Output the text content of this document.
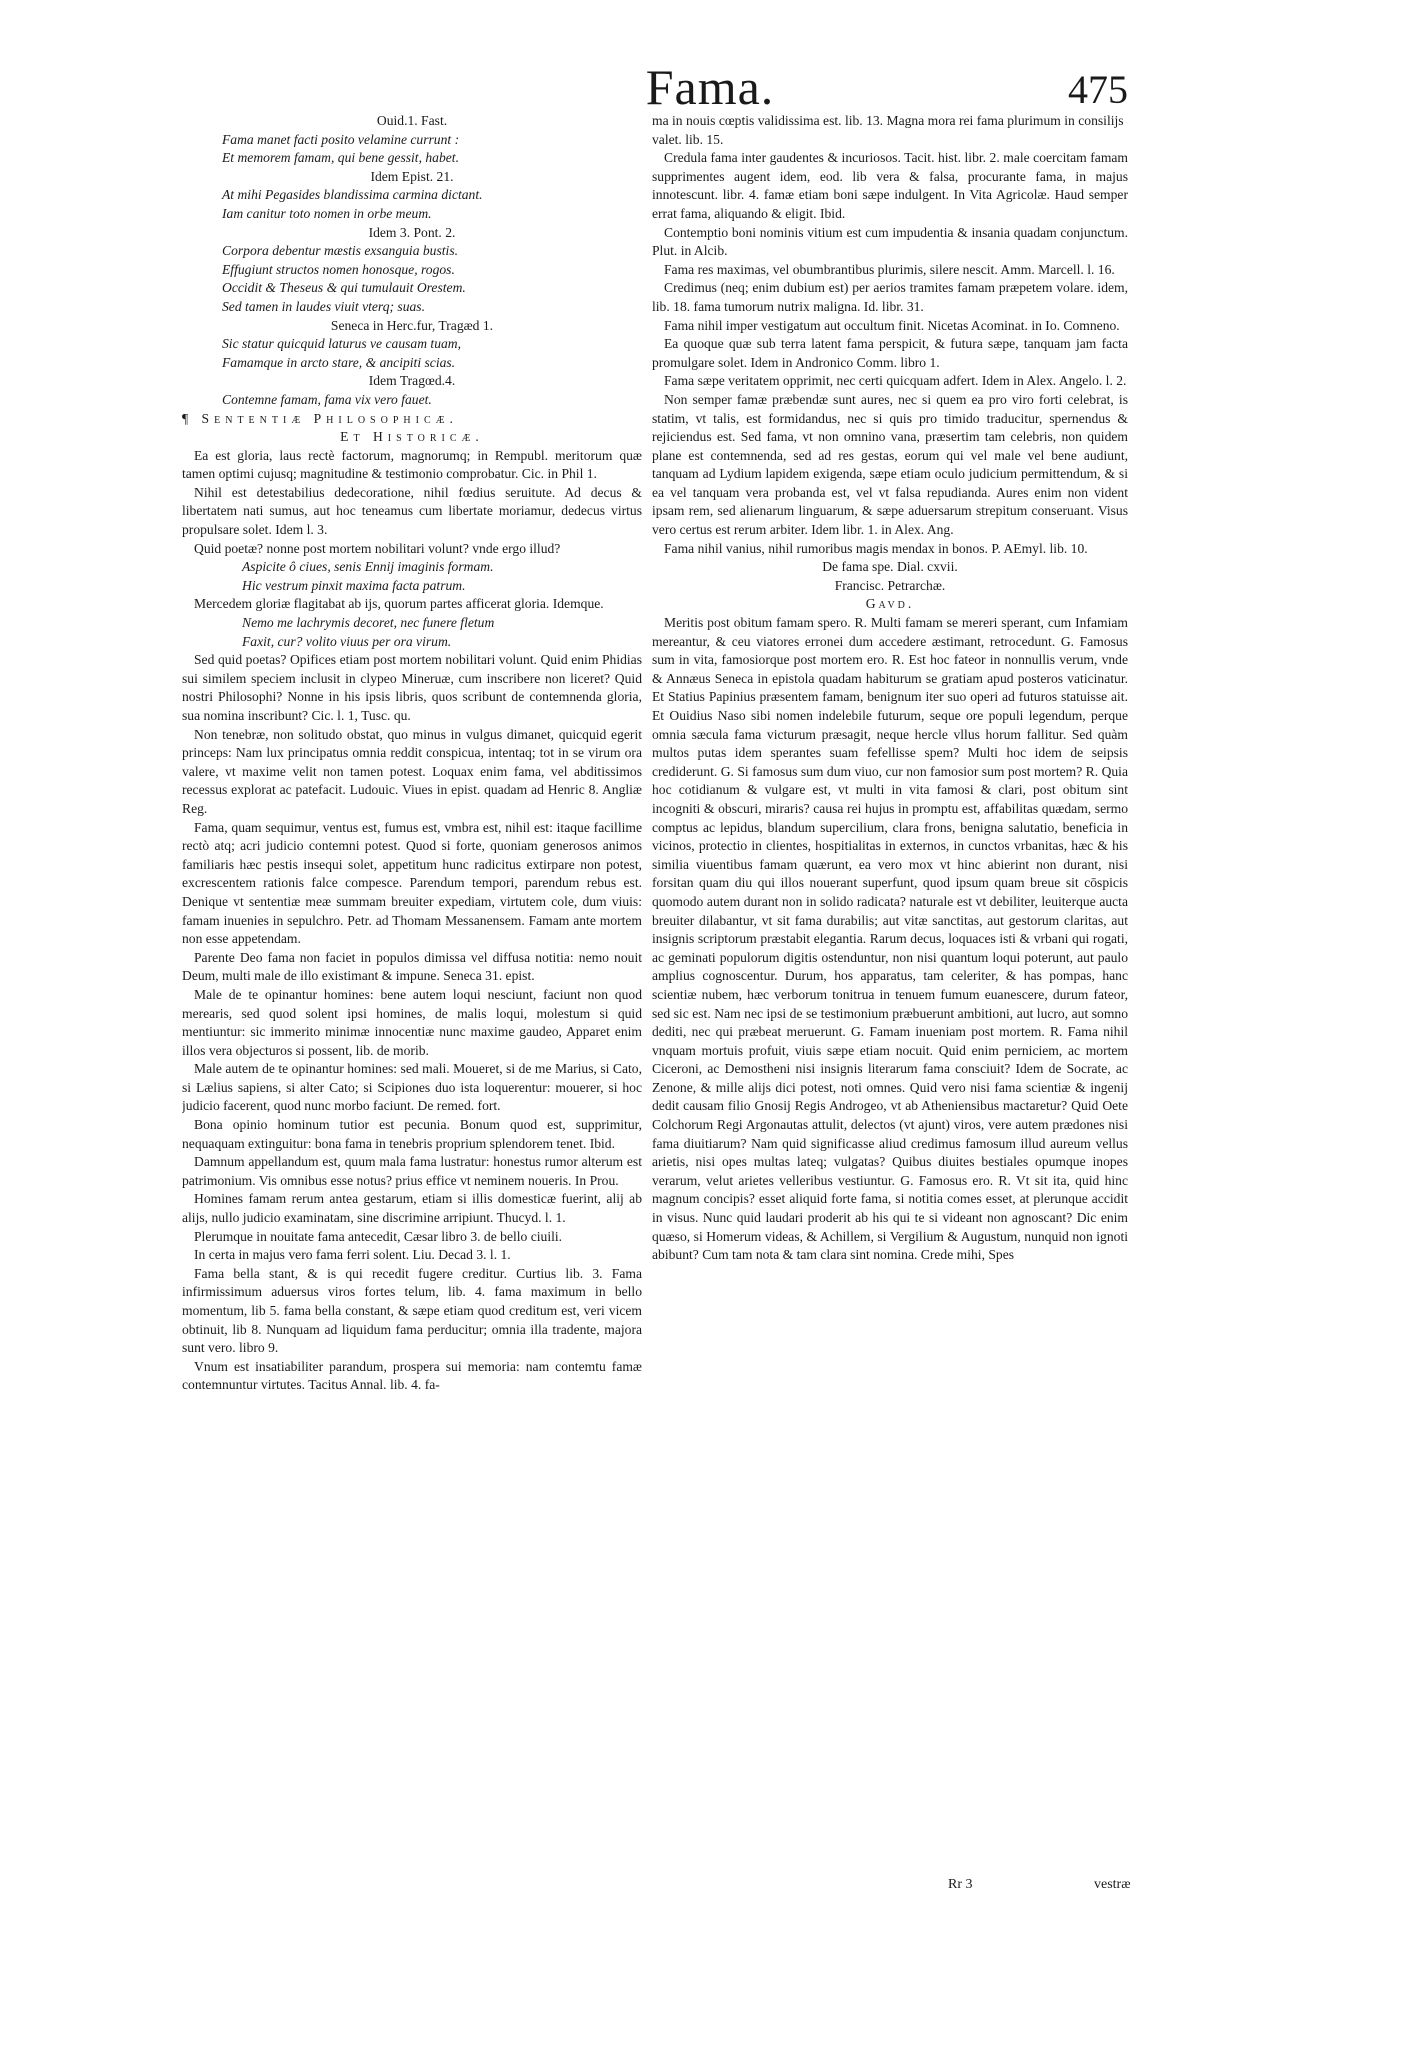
Fama.	475

Ouid.1. Fast.

Fama manet facti posito velamine currunt :

Et memorem famam, qui bene gessit, habet.

Idem Epist. 21.

At mihi Pegasides blandissima carmina dictant.

Iam canitur toto nomen in orbe meum.

Idem 3. Pont. 2.

Corpora debentur mæstis exsanguia bustis.

Effugiunt structos nomen honosque, rogos.

Occidit & Theseus & qui tumulauit Orestem.

Sed tamen in laudes viuit vterq; suas.

Seneca in Herc.fur, Tragæd 1.

Sic statur quicquid laturus ve causam tuam,

Famamque in arcto stare, & ancipiti scias.

Idem Tragœd.4.

Contemne famam, fama vix vero fauet.

¶ Sententiæ Philosophicæ.

Et Historicæ.

Ea est gloria, laus rectè factorum, magnorumq; in Rempubl. meritorum quæ tamen optimi cujusq; magnitudine & testimonio comprobatur. Cic. in Phil 1.

Nihil est detestabilius dedecoratione, nihil fœdius seruitute. Ad decus & libertatem nati sumus, aut hoc teneamus cum libertate moriamur, dedecus virtus propulsare solet. Idem l. 3.

Quid poetæ? nonne post mortem nobilitari volunt? vnde ergo illud?

Aspicite ô ciues, senis Ennij imaginis formam.

Hic vestrum pinxit maxima facta patrum.

Mercedem gloriæ flagitabat ab ijs, quorum partes afficerat gloria. Idemque.

Nemo me lachrymis decoret, nec funere fletum

Faxit, cur? volito viuus per ora virum.

Sed quid poetas? Opifices etiam post mortem nobilitari volunt. Quid enim Phidias sui similem speciem inclusit in clypeo Mineruæ, cum inscribere non liceret? Quid nostri Philosophi? Nonne in his ipsis libris, quos scribunt de contemnenda gloria, sua nomina inscribunt? Cic. l. 1, Tusc. qu.

Non tenebræ, non solitudo obstat, quo minus in vulgus dimanet, quicquid egerit princeps: Nam lux principatus omnia reddit conspicua, intentaq; tot in se virum ora valere, vt maxime velit non tamen potest. Loquax enim fama, vel abditissimos recessus explorat ac patefacit. Ludouic. Viues in epist. quadam ad Henric 8. Angliæ Reg.

Fama, quam sequimur, ventus est, fumus est, vmbra est, nihil est: itaque facillime rectò atq; acri judicio contemni potest. Quod si forte, quoniam generosos animos familiaris hæc pestis insequi solet, appetitum hunc radicitus extirpare non potest, excrescentem rationis falce compesce. Parendum tempori, parendum rebus est. Denique vt sententiæ meæ summam breuiter expediam, virtutem cole, dum viuis: famam inuenies in sepulchro. Petr. ad Thomam Messanensem. Famam ante mortem non esse appetendam.

Parente Deo fama non faciet in populos dimissa vel diffusa notitia: nemo nouit Deum, multi male de illo existimant & impune. Seneca 31. epist.

Male de te opinantur homines: bene autem loqui nesciunt, faciunt non quod merearis, sed quod solent ipsi homines, de malis loqui, molestum si quid mentiuntur: sic immerito minimæ innocentiæ nunc maxime gaudeo, Apparet enim illos vera objecturos si possent, lib. de morib.

Male autem de te opinantur homines: sed mali. Moueret, si de me Marius, si Cato, si Lælius sapiens, si alter Cato; si Scipiones duo ista loquerentur: mouerer, si hoc judicio facerent, quod nunc morbo faciunt. De remed. fort.

Bona opinio hominum tutior est pecunia. Bonum quod est, supprimitur, nequaquam extinguitur: bona fama in tenebris proprium splendorem tenet. Ibid.

Damnum appellandum est, quum mala fama lustratur: honestus rumor alterum est patrimonium. Vis omnibus esse notus? prius effice vt neminem noueris. In Prou.

Homines famam rerum antea gestarum, etiam si illis domesticæ fuerint, alij ab alijs, nullo judicio examinatam, sine discrimine arripiunt. Thucyd. l. 1.

Plerumque in nouitate fama antecedit, Cæsar libro 3. de bello ciuili.

In certa in majus vero fama ferri solent. Liu. Decad 3. l. 1.

Fama bella stant, & is qui recedit fugere creditur. Curtius lib. 3. Fama infirmissimum aduersus viros fortes telum, lib. 4. fama maximum in bello momentum, lib 5. fama bella constant, & sæpe etiam quod creditum est, veri vicem obtinuit, lib 8. Nunquam ad liquidum fama perducitur; omnia illa tradente, majora sunt vero. libro 9.

Vnum est insatiabiliter parandum, prospera sui memoria: nam contemtu famæ contemnuntur virtutes. Tacitus Annal. lib. 4. fa-

ma in nouis cœptis validissima est. lib. 13. Magna mora rei fama plurimum in consilijs valet. lib. 15.

Credula fama inter gaudentes & incuriosos. Tacit. hist. libr. 2. male coercitam famam supprimentes augent idem, eod. lib vera & falsa, procurante fama, in majus innotescunt. libr. 4. famæ etiam boni sæpe indulgent. In Vita Agricolæ. Haud semper errat fama, aliquando & eligit. Ibid.

Contemptio boni nominis vitium est cum impudentia & insania quadam conjunctum. Plut. in Alcib.

Fama res maximas, vel obumbrantibus plurimis, silere nescit. Amm. Marcell. l. 16.

Credimus (neq; enim dubium est) per aerios tramites famam præpetem volare. idem, lib. 18. fama tumorum nutrix maligna. Id. libr. 31.

Fama nihil imper vestigatum aut occultum finit. Nicetas Acominat. in Io. Comneno.

Ea quoque quæ sub terra latent fama perspicit, & futura sæpe, tanquam jam facta promulgare solet. Idem in Andronico Comm. libro 1.

Fama sæpe veritatem opprimit, nec certi quicquam adfert. Idem in Alex. Angelo. l. 2.

Non semper famæ præbendæ sunt aures, nec si quem ea pro viro forti celebrat, is statim, vt talis, est formidandus, nec si quis pro timido traducitur, spernendus & rejiciendus est. Sed fama, vt non omnino vana, præsertim tam celebris, non quidem plane est contemnenda, sed ad res gestas, eorum qui vel male vel bene audiunt, tanquam ad Lydium lapidem exigenda, sæpe etiam oculo judicium permittendum, & si ea vel tanquam vera probanda est, vel vt falsa repudianda. Aures enim non vident ipsam rem, sed alienarum linguarum, & sæpe aduersarum strepitum conseruant. Visus vero certus est rerum arbiter. Idem libr. 1. in Alex. Ang.

Fama nihil vanius, nihil rumoribus magis mendax in bonos. P. AEmyl. lib. 10.

De fama spe. Dial. cxvii.

Francisc. Petrarchæ.

Gavd.

Meritis post obitum famam spero. R. Multi famam se mereri sperant, cum Infamiam mereantur, & ceu viatores erronei dum accedere æstimant, retrocedunt. G. Famosus sum in vita, famosiorque post mortem ero. R. Est hoc fateor in nonnullis verum, vnde & Annæus Seneca in epistola quadam habiturum se gratiam apud posteros vaticinatur. Et Statius Papinius præsentem famam, benignum iter suo operi ad futuros statuisse ait. Et Ouidius Naso sibi nomen indelebile futurum, seque ore populi legendum, perque omnia sæcula fama victurum præsagit, neque hercle vllus horum fallitur. Sed quàm multos putas idem sperantes suam fefellisse spem? Multi hoc idem de seipsis crediderunt. G. Si famosus sum dum viuo, cur non famosior sum post mortem? R. Quia hoc cotidianum & vulgare est, vt multi in vita famosi & clari, post obitum sint incogniti & obscuri, miraris? causa rei hujus in promptu est, affabilitas quædam, sermo comptus ac lepidus, blandum supercilium, clara frons, benigna salutatio, beneficia in vicinos, protectio in clientes, hospitialitas in externos, in cunctos vrbanitas, hæc & his similia viuentibus famam quærunt, ea vero mox vt hinc abierint non durant, nisi forsitan quam diu qui illos nouerant superfunt, quod ipsum quam breue sit cōspicis quomodo autem durant non in solido radicata? naturale est vt debiliter, leuiterque aucta breuiter dilabantur, vt sit fama durabilis; aut vitæ sanctitas, aut gestorum claritas, aut insignis scriptorum præstabit elegantia. Rarum decus, loquaces isti & vrbani qui rogati, ac geminati populorum digitis ostenduntur, non nisi quantum loqui poterunt, aut paulo amplius cognoscentur. Durum, hos apparatus, tam celeriter, & has pompas, hanc scientiæ nubem, hæc verborum tonitrua in tenuem fumum euanescere, durum fateor, sed sic est. Nam nec ipsi de se testimonium præbuerunt ambitioni, aut lucro, aut somno dediti, nec qui præbeat meruerunt. G. Famam inueniam post mortem. R. Fama nihil vnquam mortuis profuit, viuis sæpe etiam nocuit. Quid enim perniciem, ac mortem Ciceroni, ac Demostheni nisi insignis literarum fama consciuit? Idem de Socrate, ac Zenone, & mille alijs dici potest, noti omnes. Quid vero nisi fama scientiæ & ingenij dedit causam filio Gnosij Regis Androgeo, vt ab Atheniensibus mactaretur? Quid Oete Colchorum Regi Argonautas attulit, delectos (vt ajunt) viros, vere autem prædones nisi fama diuitiarum? Nam quid significasse aliud credimus famosum illud aureum vellus arietis, nisi opes multas lateq; vulgatas? Quibus diuites bestiales opumque inopes verarum, velut arietes velleribus vestiuntur. G. Famosus ero. R. Vt sit ita, quid hinc magnum concipis? esset aliquid forte fama, si notitia comes esset, at plerunque accidit in visus. Nunc quid laudari proderit ab his qui te si videant non agnoscant? Dic enim quæso, si Homerum videas, & Achillem, si Vergilium & Augustum, nunquid non ignoti abibunt? Cum tam nota & tam clara sint nomina. Crede mihi, Spes

Rr 3	vestræ
